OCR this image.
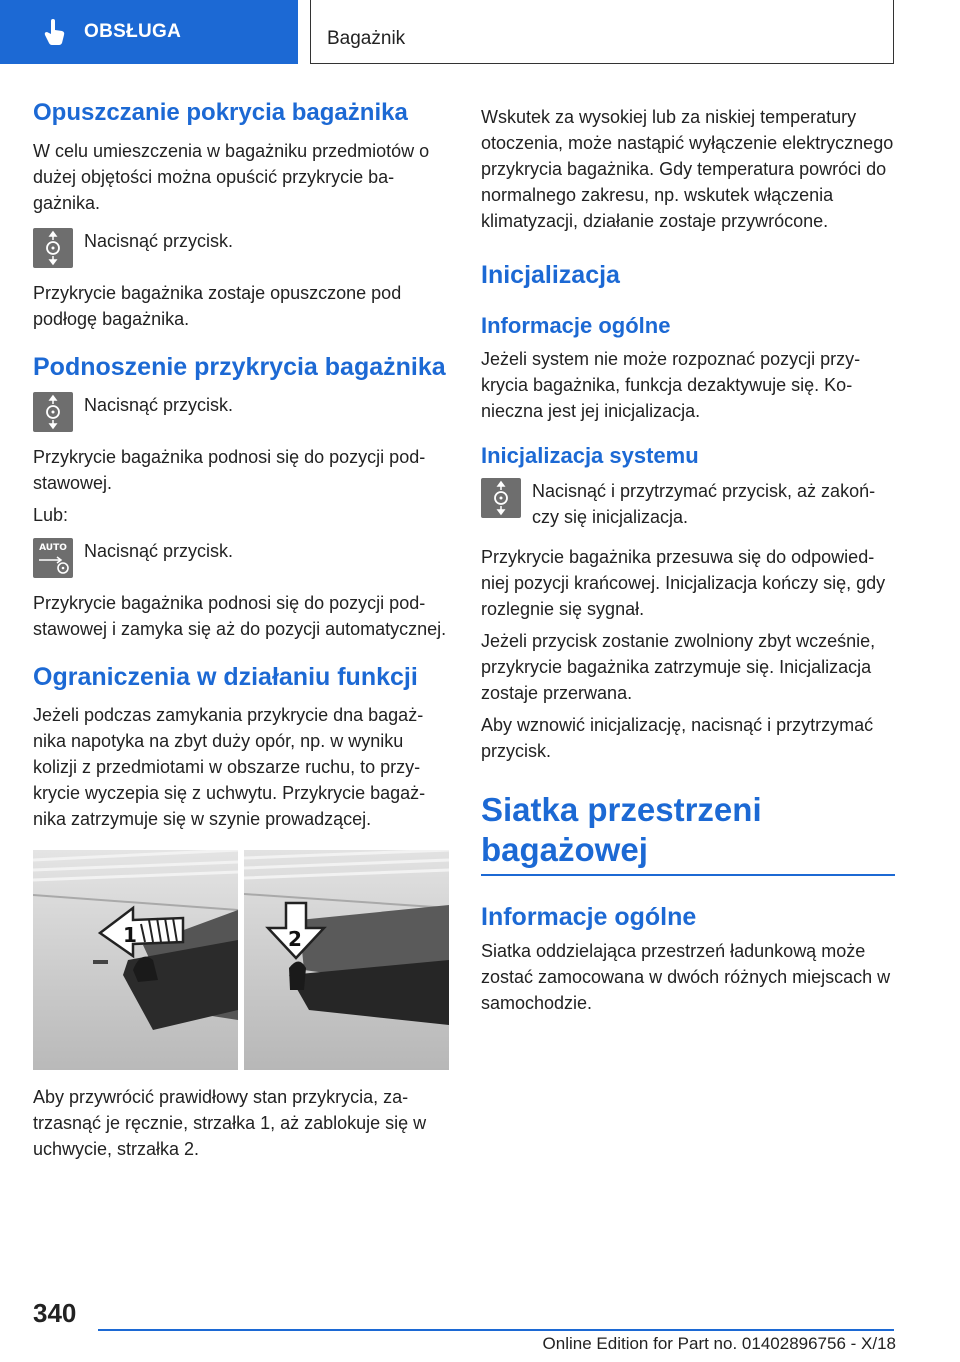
OBSŁUGA	Bagażnik
Opuszczanie pokrycia bagażnika

W celu umieszczenia w bagażniku przedmiotów o dużej objętości można opuścić przykrycie bagażnika.

Nacisnąć przycisk.

Przykrycie bagażnika zostaje opuszczone pod podłogę bagażnika.

Podnoszenie przykrycia bagażnika
Nacisnąć przycisk.

Przykrycie bagażnika podnosi się do pozycji podstawowej.

Lub:

AUTO Nacisnąć przycisk.

Przykrycie bagażnika podnosi się do pozycji podstawowej i zamyka się aż do pozycji automatycznej.

Ograniczenia w działaniu funkcji

Jeżeli podczas zamykania przykrycie dna bagażnika napotyka na zbyt duży opór, np. w wyniku kolizji z przedmiotami w obszarze ruchu, to przykrycie wyczepia się z uchwytu. Przykrycie bagażnika zatrzymuje się w szynie prowadzącej.

1	2

Aby przywrócić prawidłowy stan przykrycia, zatrzasnąć je ręcznie, strzałka 1, aż zablokuje się w uchwycie, strzałka 2.

Wskutek za wysokiej lub za niskiej temperatury otoczenia, może nastąpić wyłączenie elektrycznego przykrycia bagażnika. Gdy temperatura powróci do normalnego zakresu, np. wskutek włączenia klimatyzacji, działanie zostaje przywrócone.

Inicjalizacja
Informacje ogólne

Jeżeli system nie może rozpoznać pozycji przykrycia bagażnika, funkcja dezaktywuje się. Konieczna jest jej inicjalizacja.

Inicjalizacja systemu
Nacisnąć i przytrzymać przycisk, aż zakończy się inicjalizacja.

Przykrycie bagażnika przesuwa się do odpowiedniej pozycji krańcowej. Inicjalizacja kończy się, gdy rozlegnie się sygnał.

Jeżeli przycisk zostanie zwolniony zbyt wcześnie, przykrycie bagażnika zatrzymuje się. Inicjalizacja zostaje przerwana.

Aby wznowić inicjalizację, nacisnąć i przytrzymać przycisk.

Siatka przestrzeni bagażowej
Informacje ogólne

Siatka oddzielająca przestrzeń ładunkową może zostać zamocowana w dwóch różnych miejscach w samochodzie.

340
Online Edition for Part no. 01402896756 - X/18
